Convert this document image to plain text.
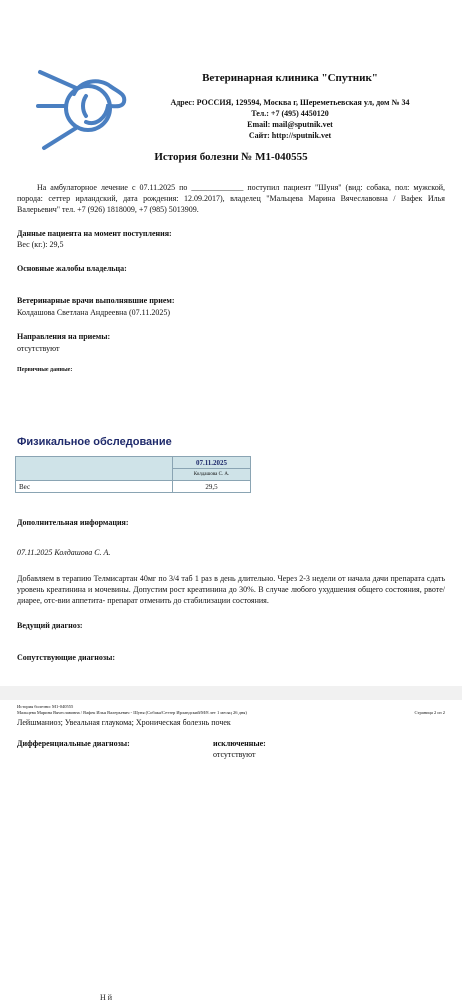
Ветеринарная клиника "Спутник"
Адрес: РОССИЯ, 129594, Москва г, Шереметьевская ул, дом № 34
Тел.: +7 (495) 4450120
Email: mail@sputnik.vet
Сайт: http://sputnik.vet
История болезни № М1-040555
На амбулаторное лечение с 07.11.2025 по _____________ поступил пациент "Шуня" (вид: собака, пол: мужской, порода: сеттер ирландский, дата рождения: 12.09.2017), владелец "Мальцева Марина Вячеславовна / Вафек Илья Валерьевич" тел. +7 (926) 1818009, +7 (985) 5013909.
Данные пациента на момент поступления:
Вес (кг.): 29,5
Основные жалобы владельца:
Ветеринарные врачи выполнявшие прием:
Колдашова Светлана Андреевна (07.11.2025)
Направления на приемы:
отсутствуют
Первичные данные:
Физикальное обследование
	07.11.2025
	Колдашова С. А.
Вес	29,5
Дополнительная информация:
07.11.2025 Колдашова С. А.
Добавляем в терапию Телмисартан 40мг по 3/4 таб 1 раз в день длительно. Через 2-3 недели от начала дачи препарата сдать уровень креатинина и мочевины. Допустим рост креатинина до 30%. В случае любого ухудшения общего состояния, рвоте/диарее, отс-вии аппетита- препарат отменить до стабилизации состояния.
Ведущий диагноз:
Сопутствующие диагнозы:
История болезни: М1-040555
Мальцева Марина Вячеславовна / Вафек Илья Валерьевич - Шуня (Собака/Сеттер Ирландский/М/8 лет 1 месяц 26 дня)	Страница 2 из 2
Лейшманиоз; Увеальная глаукома; Хроническая болезнь почек
Дифференциальные диагнозы:	исключенные:
отсутствуют
Н й
